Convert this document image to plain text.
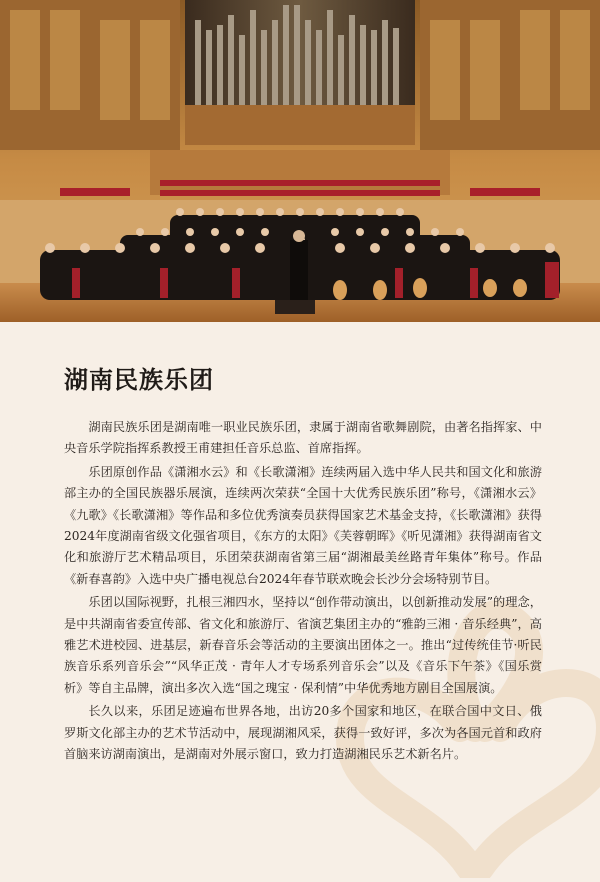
湖南民族乐团

湖南民族乐团是湖南唯一职业民族乐团，隶属于湖南省歌舞剧院，由著名指挥家、中央音乐学院指挥系教授王甫建担任音乐总监、首席指挥。

乐团原创作品《潇湘水云》和《长歌潇湘》连续两届入选中华人民共和国文化和旅游部主办的全国民族器乐展演，连续两次荣获“全国十大优秀民族乐团”称号，《潇湘水云》《九歌》《长歌潇湘》等作品和多位优秀演奏员获得国家艺术基金支持，《长歌潇湘》获得2024年度湖南省级文化强省项目，《东方的太阳》《芙蓉朝晖》《听见潇湘》获得湖南省文化和旅游厅艺术精品项目，乐团荣获湖南省第三届“湖湘最美丝路青年集体”称号。作品《新春喜韵》入选中央广播电视总台2024年春节联欢晚会长沙分会场特别节目。

乐团以国际视野，扎根三湘四水，坚持以“创作带动演出，以创新推动发展”的理念，是中共湖南省委宣传部、省文化和旅游厅、省演艺集团主办的“雅韵三湘 · 音乐经典”，高雅艺术进校园、进基层，新春音乐会等活动的主要演出团体之一。推出“过传统佳节·听民族音乐系列音乐会”“风华正茂 · 青年人才专场系列音乐会”以及《音乐下午茶》《国乐赏析》等自主品牌，演出多次入选“国之瑰宝 · 保利情”中华优秀地方剧目全国展演。

长久以来，乐团足迹遍布世界各地，出访20多个国家和地区，在联合国中文日、俄罗斯文化部主办的艺术节活动中，展现湖湘风采，获得一致好评，多次为各国元首和政府首脑来访湖南演出，是湖南对外展示窗口，致力打造湖湘民乐艺术新名片。
